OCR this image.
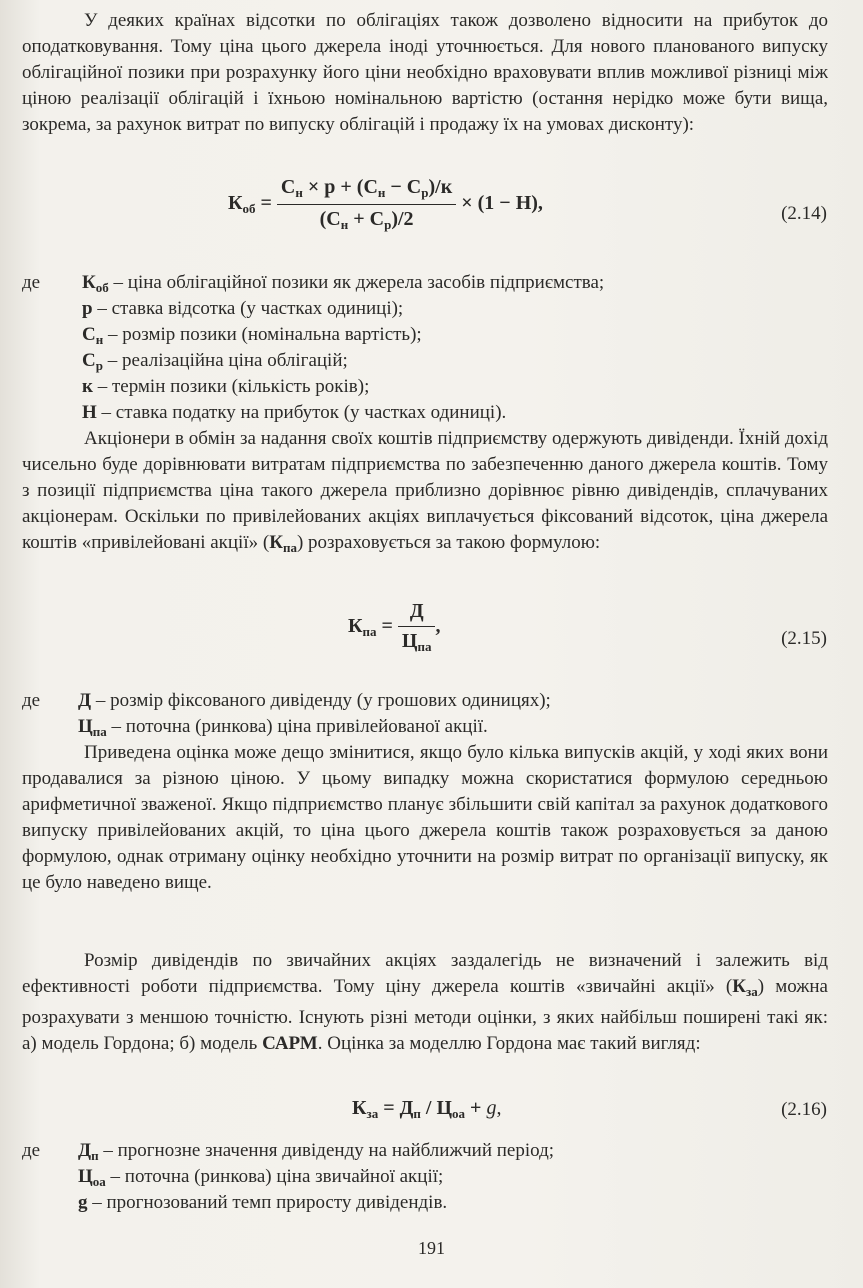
У деяких країнах відсотки по облігаціях також дозволено відносити на прибуток до оподатковування. Тому ціна цього джерела іноді уточнюється. Для нового планованого випуску облігаційної позики при розрахунку його ціни необхідно враховувати вплив можливої різниці між ціною реалізації облігацій і їхньою номінальною вартістю (остання нерідко може бути вища, зокрема, за рахунок витрат по випуску облігацій і продажу їх на умовах дисконту):
$К_{об} = \frac{С_н \times р + (С_н - С_р)/к}{(С_н + С_р)/2} \times (1 - Н)$,	(2.14)
де $К_{об}$ – ціна облігаційної позики як джерела засобів підприємства;
р – ставка відсотка (у частках одиниці);
$С_н$ – розмір позики (номінальна вартість);
$С_р$ – реалізаційна ціна облігацій;
к – термін позики (кількість років);
Н – ставка податку на прибуток (у частках одиниці).
Акціонери в обмін за надання своїх коштів підприємству одержують дивіденди. Їхній дохід чисельно буде дорівнювати витратам підприємства по забезпеченню даного джерела коштів. Тому з позиції підприємства ціна такого джерела приблизно дорівнює рівню дивідендів, сплачуваних акціонерам. Оскільки по привілейованих акціях виплачується фіксований відсоток, ціна джерела коштів «привілейовані акції» $(К_{па})$ розраховується за такою формулою:
$К_{па} = \frac{Д}{Ц_{па}}$ ,
(2.15)
де Д – розмір фіксованого дивіденду (у грошових одиницях);
$Ц_{па}$ – поточна (ринкова) ціна привілейованої акції.
Приведена оцінка може дещо змінитися, якщо було кілька випусків акцій, у ході яких вони продавалися за різною ціною. У цьому випадку можна скористатися формулою середньою арифметичної зваженої. Якщо підприємство планує збільшити свій капітал за рахунок додаткового випуску привілейованих акцій, то ціна цього джерела коштів також розраховується за даною формулою, однак отриману оцінку необхідно уточнити на розмір витрат по організації випуску, як це було наведено вище.
Розмір дивідендів по звичайних акціях заздалегідь не визначений і залежить від ефективності роботи підприємства. Тому ціну джерела коштів «звичайні акції» $(К_{за})$ можна розрахувати з меншою точністю. Існують різні методи оцінки, з яких найбільш поширені такі як: а) модель Гордона; б) модель САРМ. Оцінка за моделлю Гордона має такий вигляд:
$К_{за} = Д_п / Ц_{оа} + g$,	(2.16)
де $Д_п$ – прогнозне значення дивіденду на найближчий період;
$Ц_{оа}$ – поточна (ринкова) ціна звичайної акції;
g – прогнозований темп приросту дивідендів.
191
